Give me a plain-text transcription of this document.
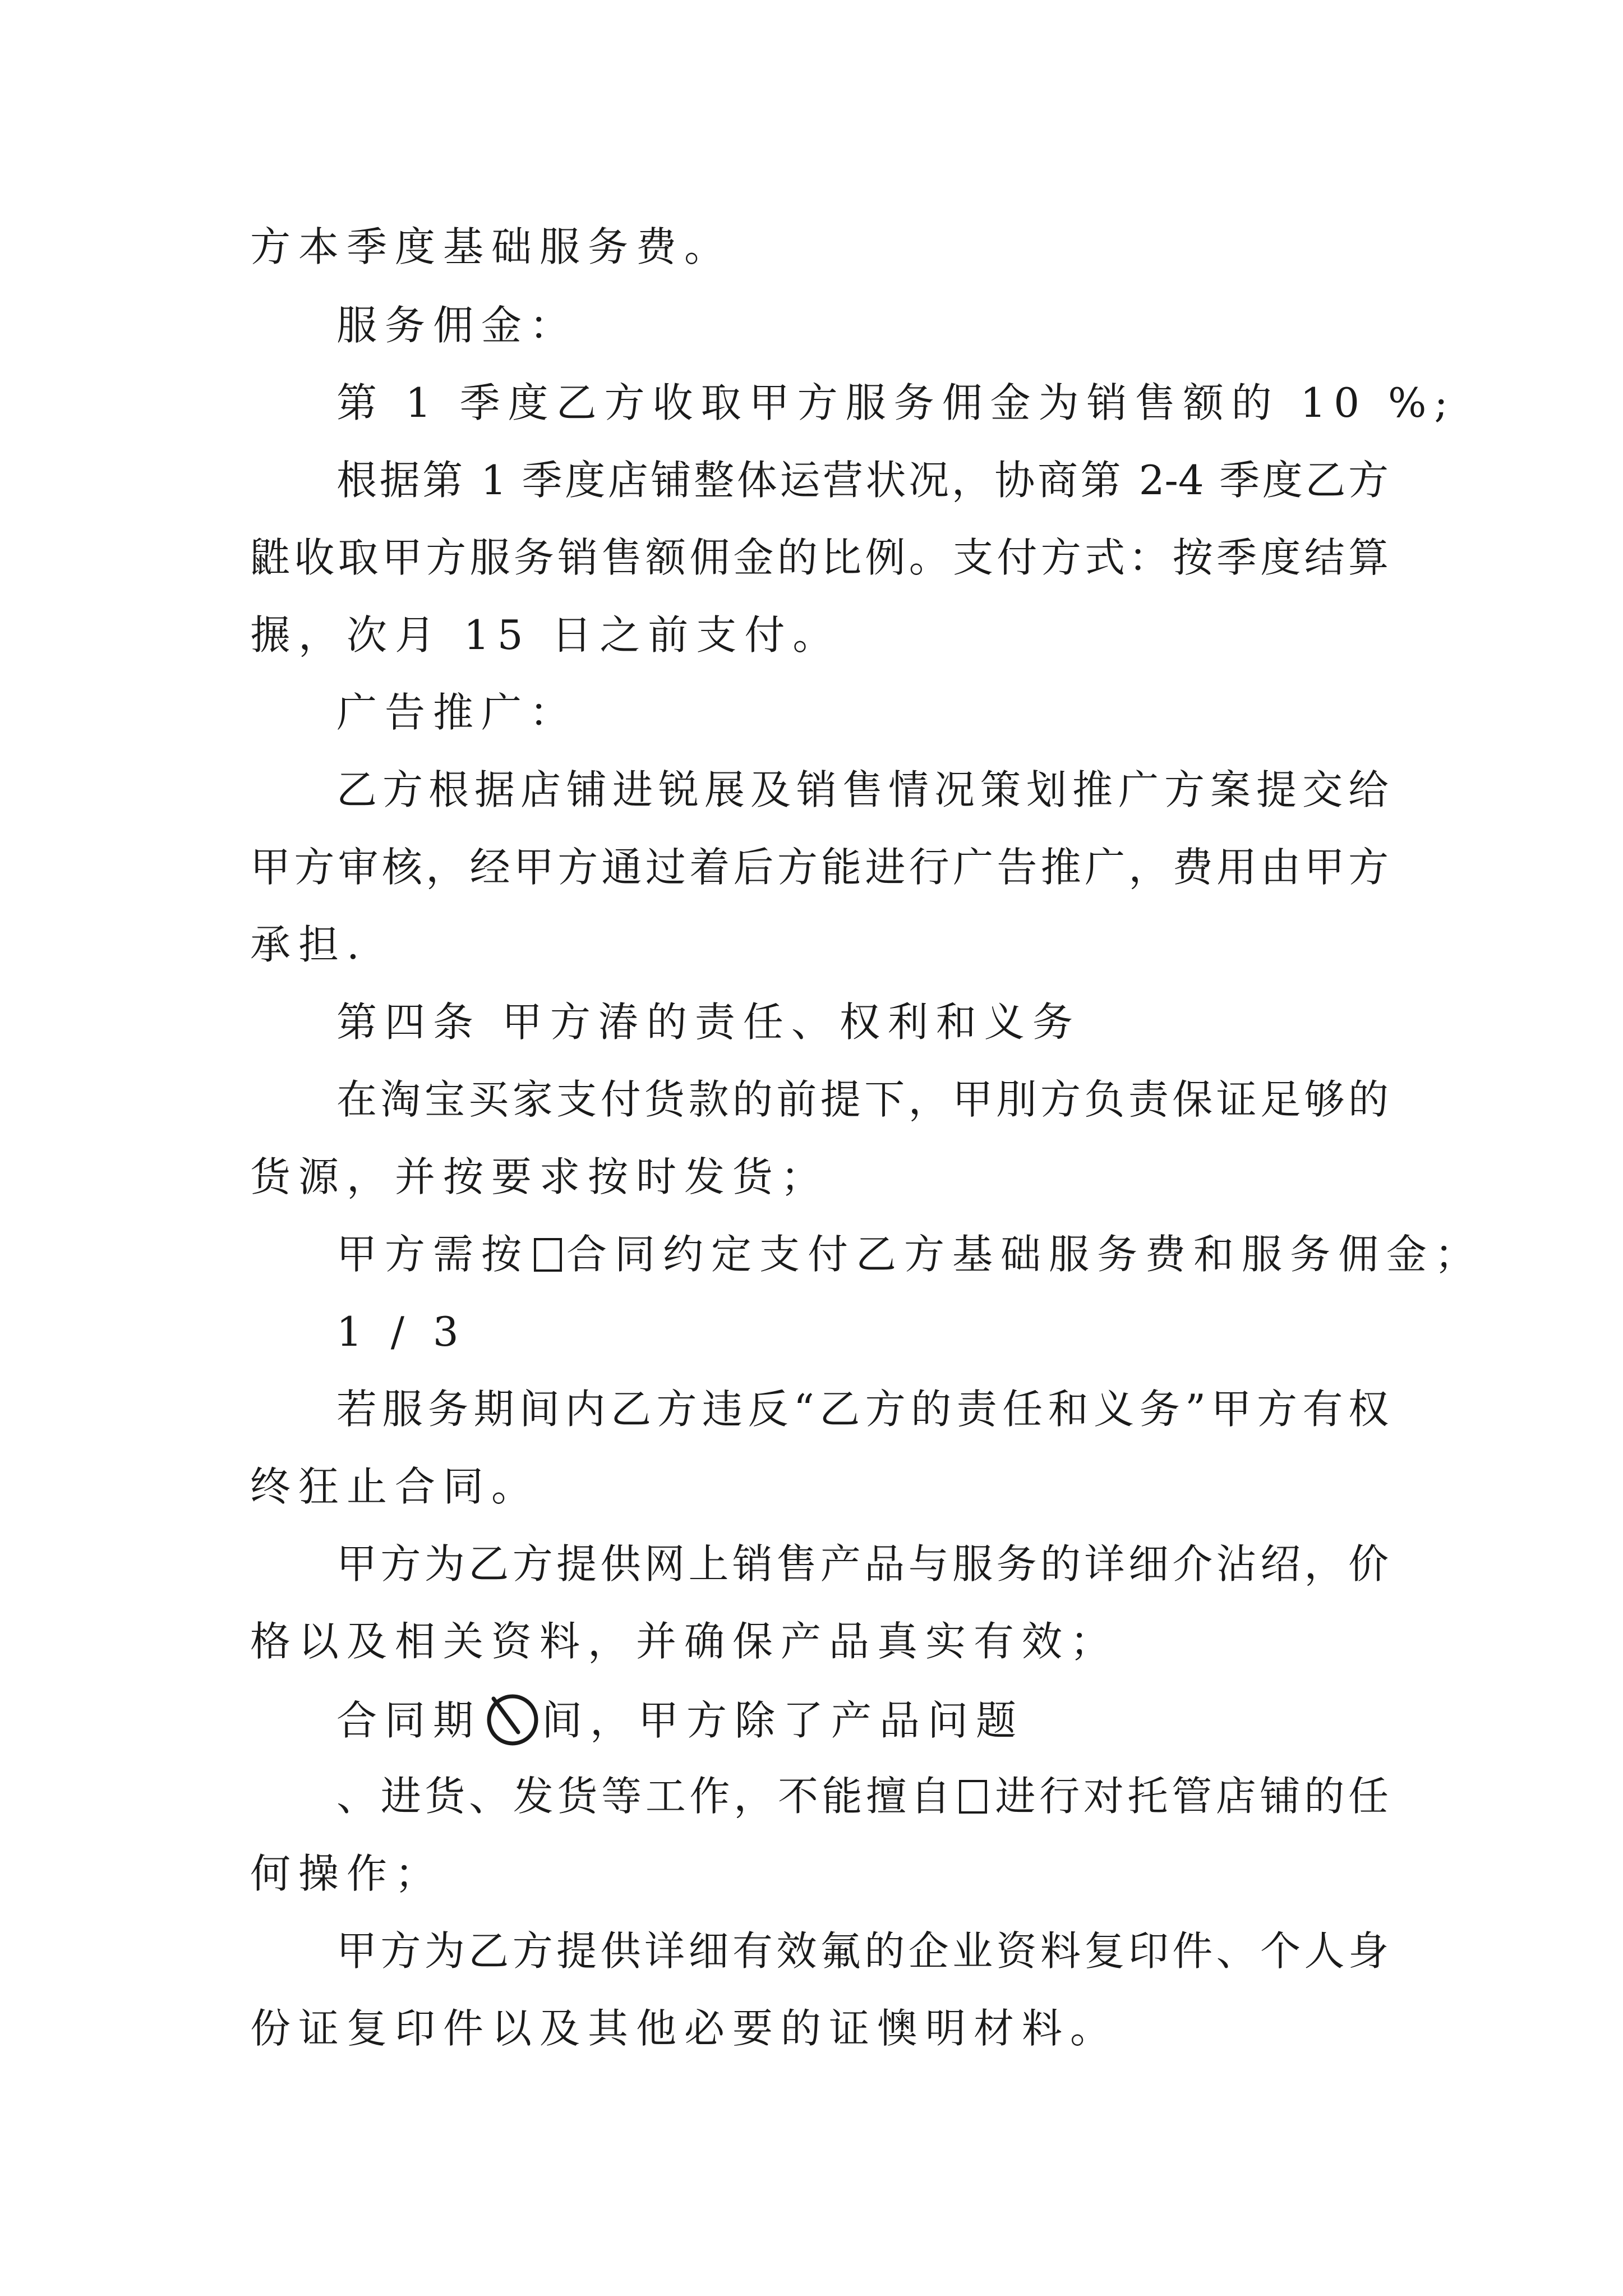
方本季度基础服务费。
服务佣金：
第 1 季度乙方收取甲方服务佣金为销售额的 10 %;
根据第 1 季度店铺整体运营状况，协商第 2-4 季度乙方
鼪收取甲方服务销售额佣金的比例。支付方式：按季度结算
搌，次月 15 日之前支付。
广告推广：
乙方根据店铺进锐展及销售情况策划推广方案提交给
甲方审核，经甲方通过着后方能进行广告推广，费用由甲方
承担.
第四条 甲方湷的责任、权利和义务
在淘宝买家支付货款的前提下，甲刖方负责保证足够的
货源，并按要求按时发货；
甲方需按 合同约定支付乙方基础服务费和服务佣金；
1 / 3
若服务期间内乙方违反“乙方的责任和义务”甲方有权
终狂止合同。
甲方为乙方提供网上销售产品与服务的详细介沾绍，价
格以及相关资料，并确保产品真实有效；
合同期 间，甲方除了产品问题
、进货、发货等工作，不能擅自 进行对托管店铺的任
何操作；
甲方为乙方提供详细有效氟的企业资料复印件、个人身
份证复印件以及其他必要的证懊明材料。
